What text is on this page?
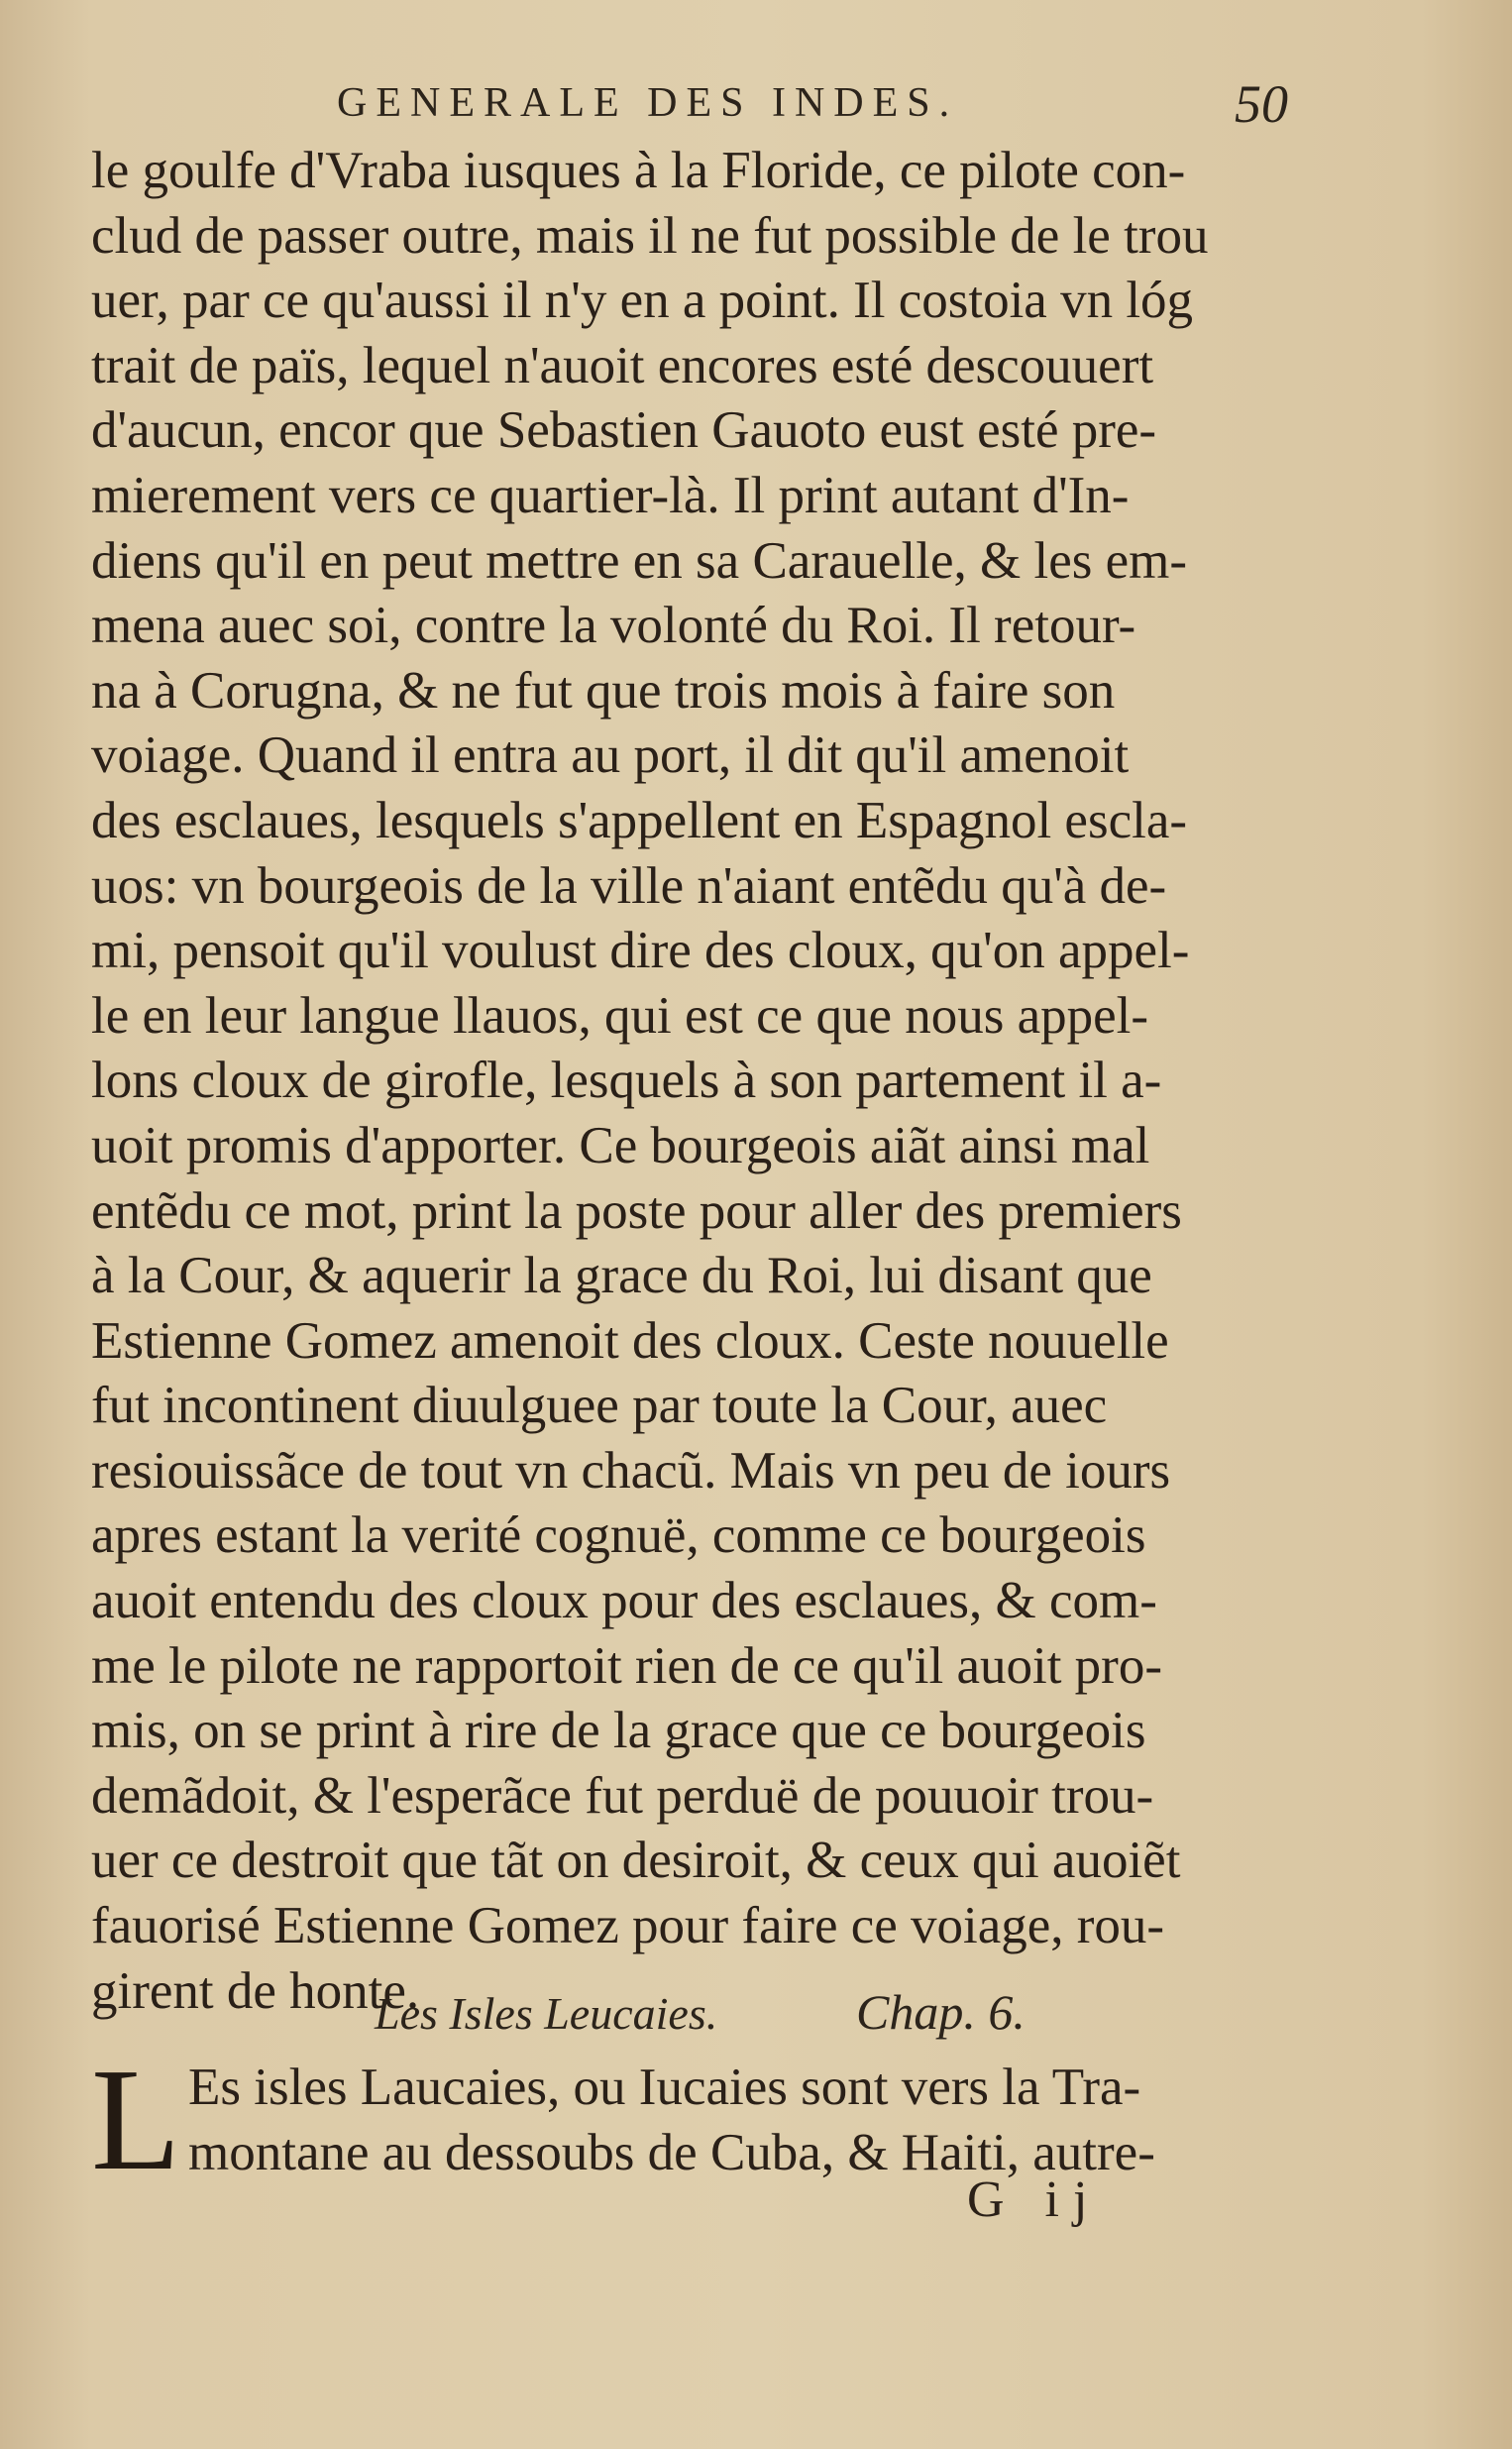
GENERALE DES INDES.	50
le goulfe d'Vraba iusques à la Floride, ce pilote con-
clud de passer outre, mais il ne fut possible de le trou
uer, par ce qu'aussi il n'y en a point. Il costoia vn lóg
trait de païs, lequel n'auoit encores esté descouuert
d'aucun, encor que Sebastien Gauoto eust esté pre-
mierement vers ce quartier-là. Il print autant d'In-
diens qu'il en peut mettre en sa Carauelle, & les em-
mena auec soi, contre la volonté du Roi. Il retour-
na à Corugna, & ne fut que trois mois à faire son
voiage. Quand il entra au port, il dit qu'il amenoit
des esclaues, lesquels s'appellent en Espagnol escla-
uos: vn bourgeois de la ville n'aiant entẽdu qu'à de-
mi, pensoit qu'il voulust dire des cloux, qu'on appel-
le en leur langue llauos, qui est ce que nous appel-
lons cloux de girofle, lesquels à son partement il a-
uoit promis d'apporter. Ce bourgeois aiãt ainsi mal
entẽdu ce mot, print la poste pour aller des premiers
à la Cour, & aquerir la grace du Roi, lui disant que
Estienne Gomez amenoit des cloux. Ceste nouuelle
fut incontinent diuulguee par toute la Cour, auec
resiouissãce de tout vn chacũ. Mais vn peu de iours
apres estant la verité cognuë, comme ce bourgeois
auoit entendu des cloux pour des esclaues, & com-
me le pilote ne rapportoit rien de ce qu'il auoit pro-
mis, on se print à rire de la grace que ce bourgeois
demãdoit, & l'esperãce fut perduë de pouuoir trou-
uer ce destroit que tãt on desiroit, & ceux qui auoiẽt
fauorisé Estienne Gomez pour faire ce voiage, rou-
girent de honte.
Les Isles Leucaies.	Chap. 6.
L Es isles Laucaies, ou Iucaies sont vers la Tra-
montane au dessoubs de Cuba, & Haiti, autre-
G ij
